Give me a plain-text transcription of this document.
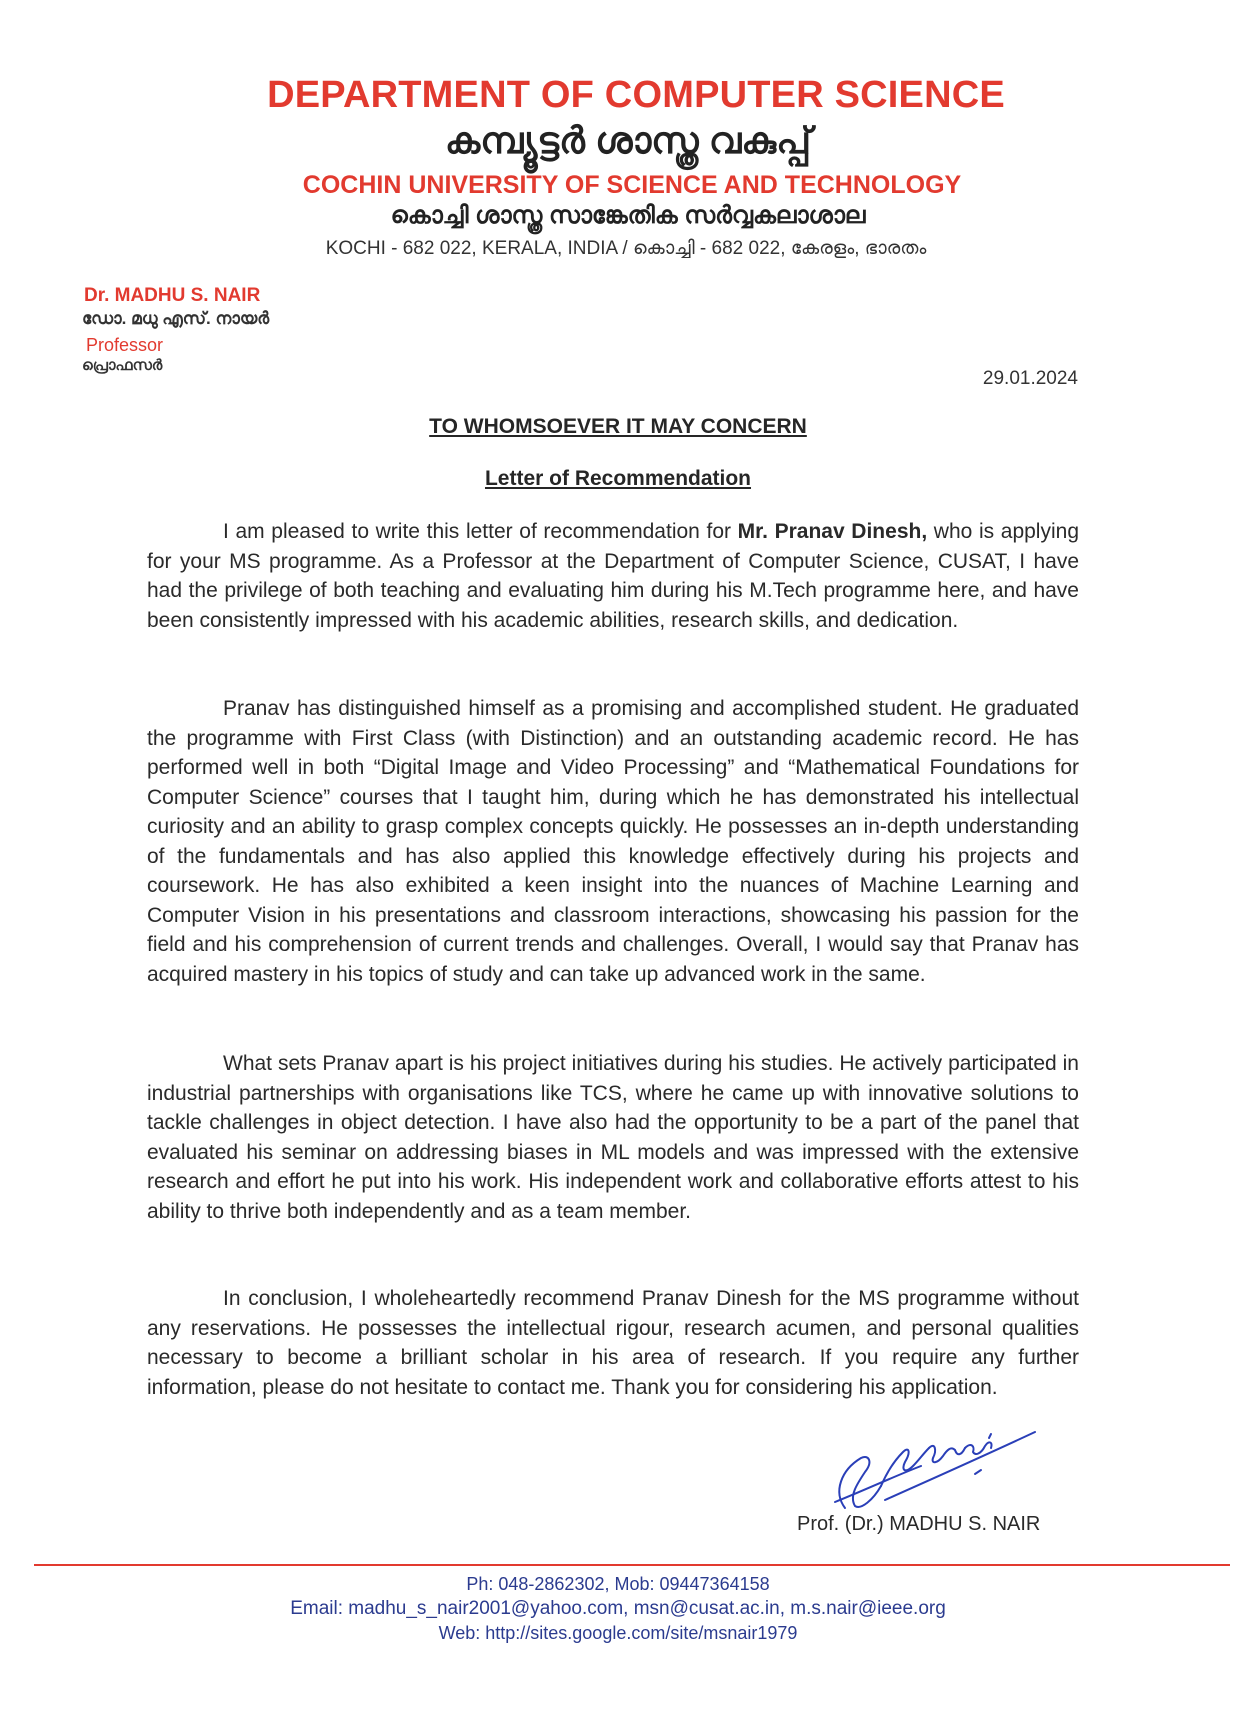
DEPARTMENT OF COMPUTER SCIENCE
കമ്പ്യൂട്ടർ ശാസ്ത്ര വകുപ്പ്
COCHIN UNIVERSITY OF SCIENCE AND TECHNOLOGY
കൊച്ചി ശാസ്ത്ര സാങ്കേതിക സർവ്വകലാശാല
KOCHI - 682 022, KERALA, INDIA / കൊച്ചി - 682 022, കേരളം, ഭാരതം
Dr. MADHU S. NAIR
ഡോ. മധു എസ്. നായർ
Professor
പ്രൊഫസർ
29.01.2024
TO WHOMSOEVER IT MAY CONCERN
Letter of Recommendation

I am pleased to write this letter of recommendation for Mr. Pranav Dinesh, who is applying for your MS programme. As a Professor at the Department of Computer Science, CUSAT, I have had the privilege of both teaching and evaluating him during his M.Tech programme here, and have been consistently impressed with his academic abilities, research skills, and dedication.

Pranav has distinguished himself as a promising and accomplished student. He graduated the programme with First Class (with Distinction) and an outstanding academic record. He has performed well in both “Digital Image and Video Processing” and “Mathematical Foundations for Computer Science” courses that I taught him, during which he has demonstrated his intellectual curiosity and an ability to grasp complex concepts quickly. He possesses an in-depth understanding of the fundamentals and has also applied this knowledge effectively during his projects and coursework. He has also exhibited a keen insight into the nuances of Machine Learning and Computer Vision in his presentations and classroom interactions, showcasing his passion for the field and his comprehension of current trends and challenges. Overall, I would say that Pranav has acquired mastery in his topics of study and can take up advanced work in the same.

What sets Pranav apart is his project initiatives during his studies. He actively participated in industrial partnerships with organisations like TCS, where he came up with innovative solutions to tackle challenges in object detection. I have also had the opportunity to be a part of the panel that evaluated his seminar on addressing biases in ML models and was impressed with the extensive research and effort he put into his work. His independent work and collaborative efforts attest to his ability to thrive both independently and as a team member.

In conclusion, I wholeheartedly recommend Pranav Dinesh for the MS programme without any reservations. He possesses the intellectual rigour, research acumen, and personal qualities necessary to become a brilliant scholar in his area of research. If you require any further information, please do not hesitate to contact me. Thank you for considering his application.

Prof. (Dr.) MADHU S. NAIR
Ph: 048-2862302, Mob: 09447364158
Email: madhu_s_nair2001@yahoo.com, msn@cusat.ac.in, m.s.nair@ieee.org
Web: http://sites.google.com/site/msnair1979
